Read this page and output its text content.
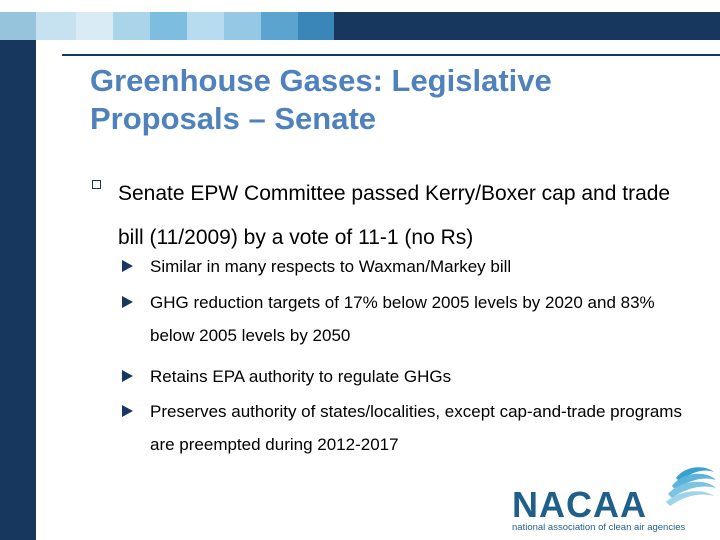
Greenhouse Gases: Legislative Proposals – Senate
Senate EPW Committee passed Kerry/Boxer cap and trade bill (11/2009) by a vote of 11-1 (no Rs)
Similar in many respects to Waxman/Markey bill
GHG reduction targets of 17% below 2005 levels by 2020 and 83% below 2005 levels by 2050
Retains EPA authority to regulate GHGs
Preserves authority of states/localities, except cap-and-trade programs are preempted during 2012-2017
NACAA
national association of clean air agencies
